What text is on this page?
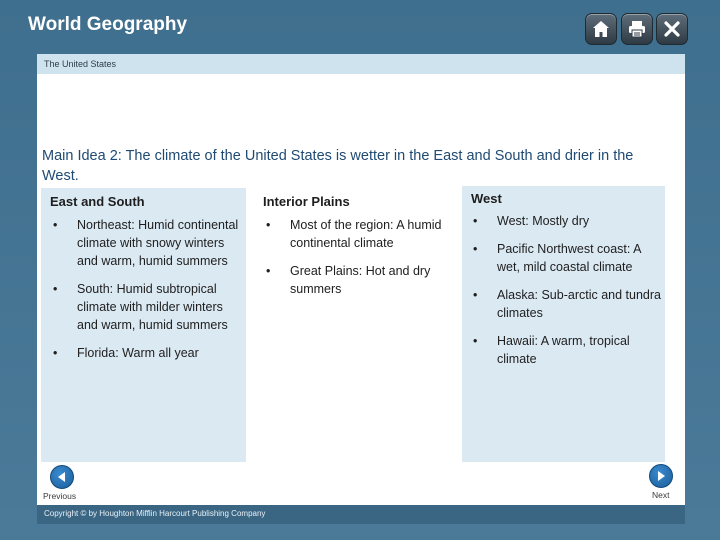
World Geography
The United States
Main Idea 2: The climate of the United States is wetter in the East and South and drier in the West.
East and South
• Northeast: Humid continental climate with snowy winters and warm, humid summers
• South: Humid subtropical climate with milder winters and warm, humid summers
• Florida: Warm all year
Interior Plains
• Most of the region: A humid continental climate
• Great Plains: Hot and dry summers
West
• West: Mostly dry
• Pacific Northwest coast: A wet, mild coastal climate
• Alaska: Sub-arctic and tundra climates
• Hawaii: A warm, tropical climate
Previous	Next
Copyright © by Houghton Mifflin Harcourt Publishing Company
